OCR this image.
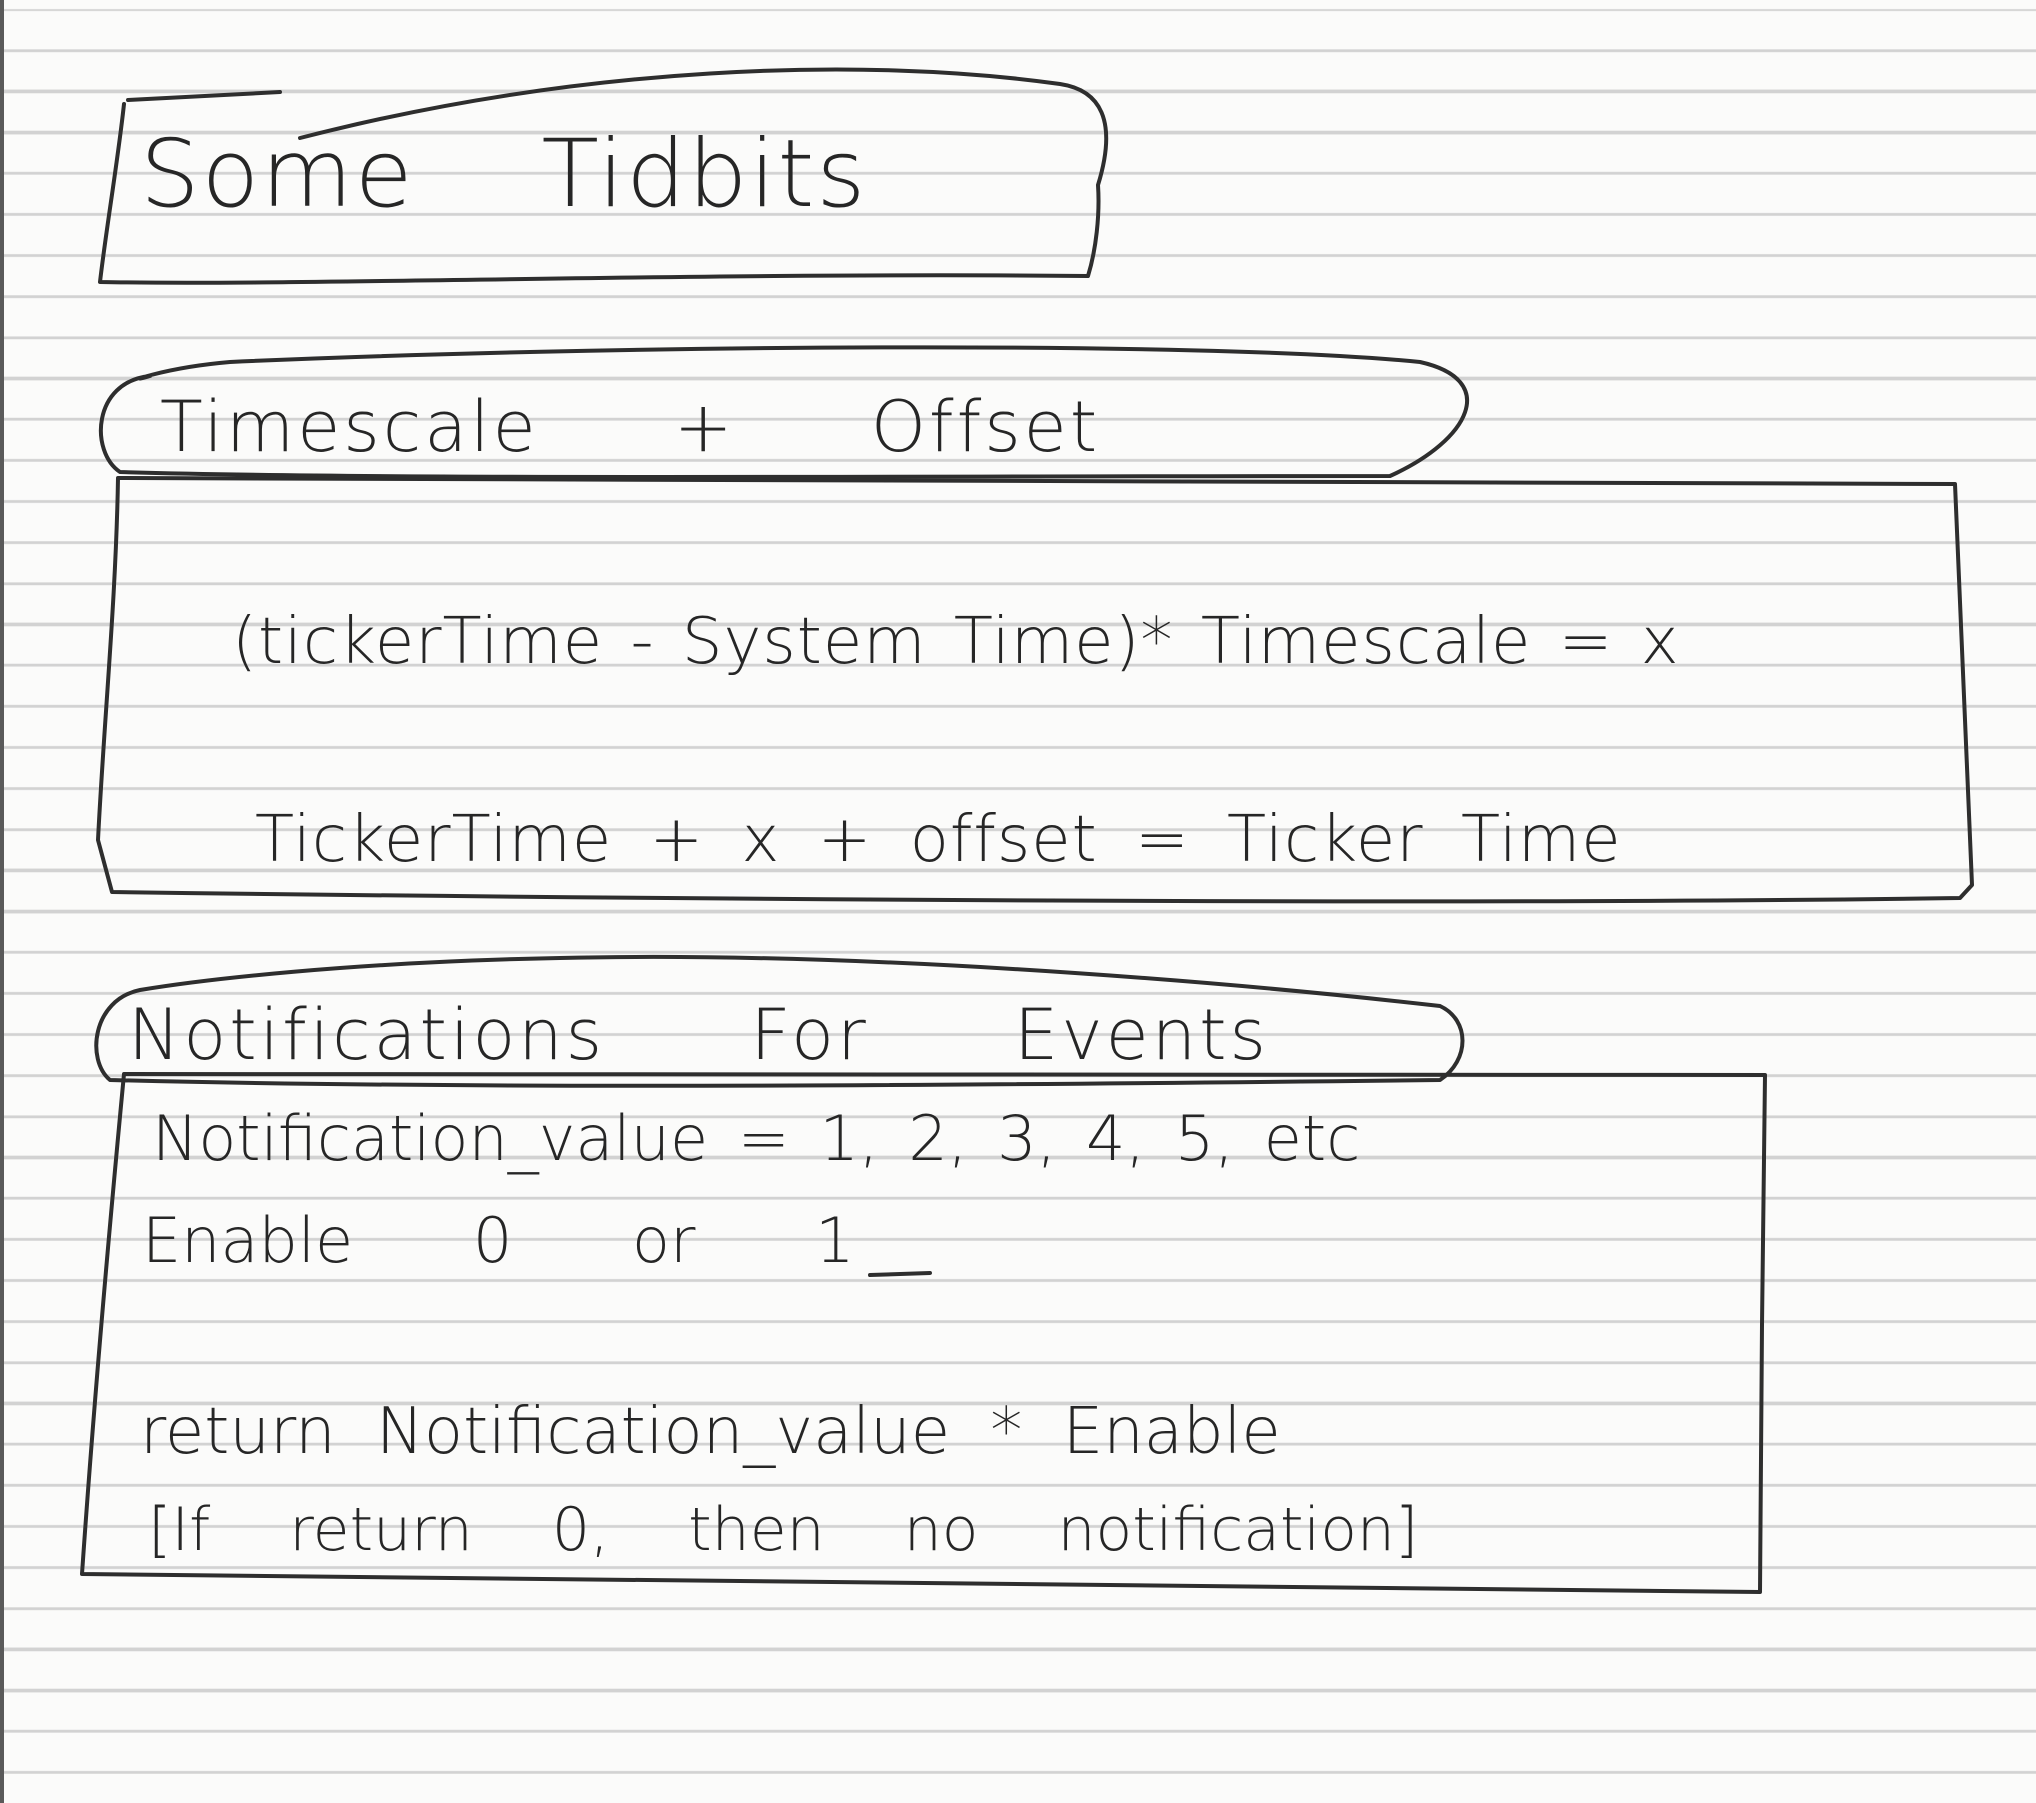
Some Tidbits
Timescale + Offset

(tickerTime - System Time)* Timescale = x

TickerTime + x + offset = Ticker Time

Notifications For Events

Notification_value = 1, 2, 3, 4, 5, etc

Enable 0 or 1

return Notification_value * Enable

[If return 0, then no notification]
